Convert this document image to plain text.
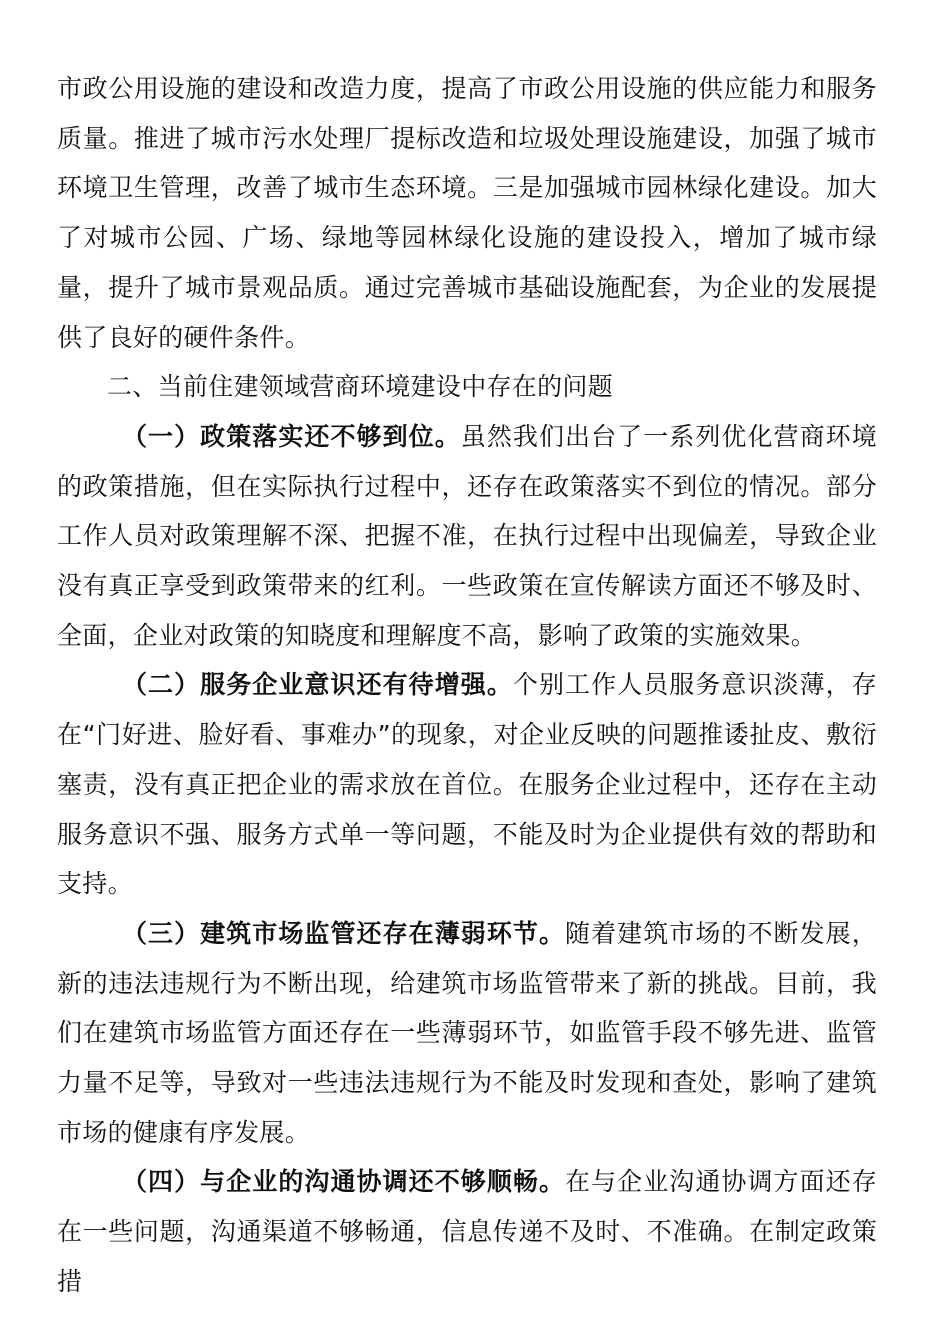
市政公用设施的建设和改造力度，提高了市政公用设施的供应能力和服务质量。推进了城市污水处理厂提标改造和垃圾处理设施建设，加强了城市环境卫生管理，改善了城市生态环境。三是加强城市园林绿化建设。加大了对城市公园、广场、绿地等园林绿化设施的建设投入，增加了城市绿量，提升了城市景观品质。通过完善城市基础设施配套，为企业的发展提供了良好的硬件条件。

二、当前住建领域营商环境建设中存在的问题

（一）政策落实还不够到位。虽然我们出台了一系列优化营商环境的政策措施，但在实际执行过程中，还存在政策落实不到位的情况。部分工作人员对政策理解不深、把握不准，在执行过程中出现偏差，导致企业没有真正享受到政策带来的红利。一些政策在宣传解读方面还不够及时、全面，企业对政策的知晓度和理解度不高，影响了政策的实施效果。

（二）服务企业意识还有待增强。个别工作人员服务意识淡薄，存在“门好进、脸好看、事难办”的现象，对企业反映的问题推诿扯皮、敷衍塞责，没有真正把企业的需求放在首位。在服务企业过程中，还存在主动服务意识不强、服务方式单一等问题，不能及时为企业提供有效的帮助和支持。

（三）建筑市场监管还存在薄弱环节。随着建筑市场的不断发展，新的违法违规行为不断出现，给建筑市场监管带来了新的挑战。目前，我们在建筑市场监管方面还存在一些薄弱环节，如监管手段不够先进、监管力量不足等，导致对一些违法违规行为不能及时发现和查处，影响了建筑市场的健康有序发展。

（四）与企业的沟通协调还不够顺畅。在与企业沟通协调方面还存在一些问题，沟通渠道不够畅通，信息传递不及时、不准确。在制定政策措
